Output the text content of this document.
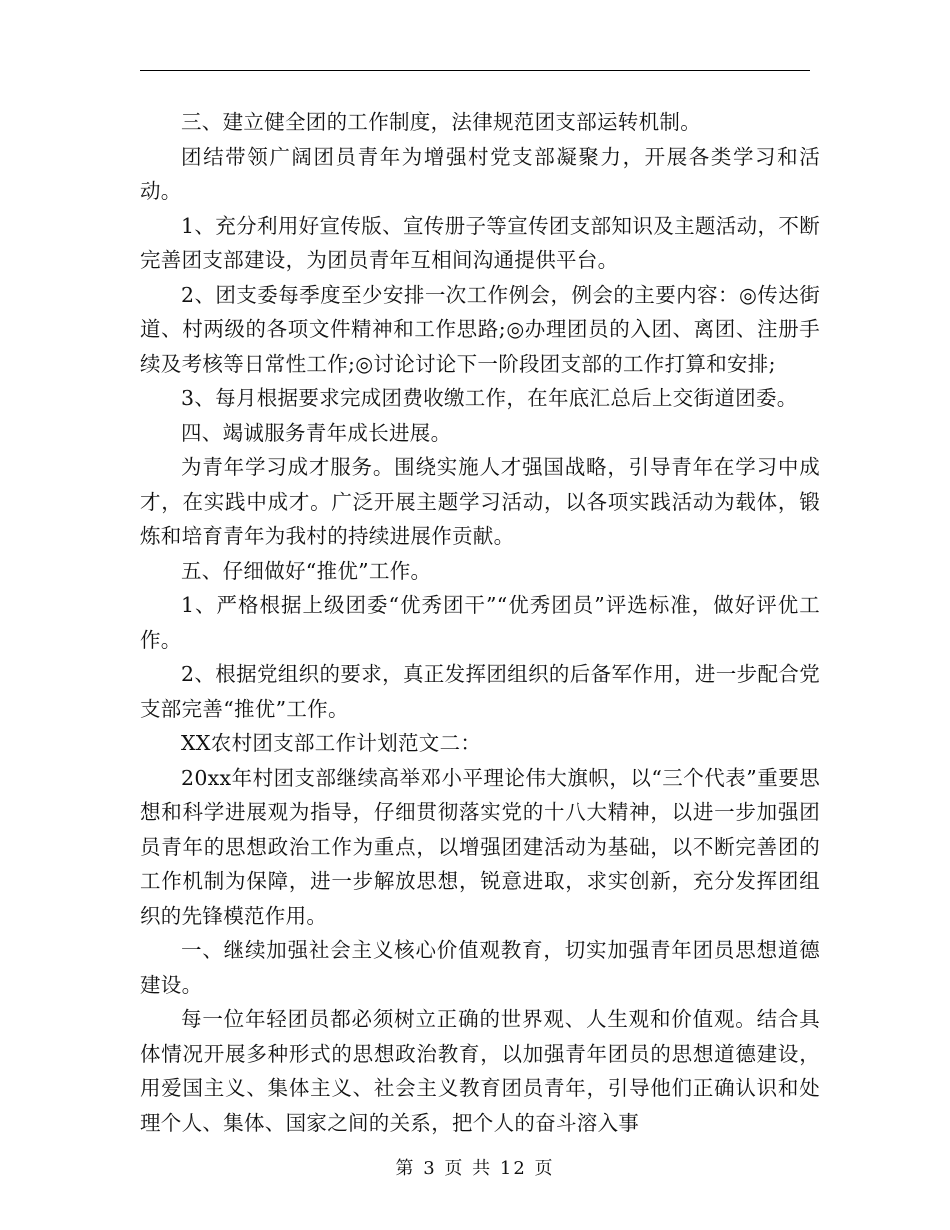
三、建立健全团的工作制度，法律规范团支部运转机制。

团结带领广阔团员青年为增强村党支部凝聚力，开展各类学习和活动。

1、充分利用好宣传版、宣传册子等宣传团支部知识及主题活动，不断完善团支部建设，为团员青年互相间沟通提供平台。

2、团支委每季度至少安排一次工作例会，例会的主要内容：◎传达街道、村两级的各项文件精神和工作思路;◎办理团员的入团、离团、注册手续及考核等日常性工作;◎讨论讨论下一阶段团支部的工作打算和安排;

3、每月根据要求完成团费收缴工作，在年底汇总后上交街道团委。

四、竭诚服务青年成长进展。

为青年学习成才服务。围绕实施人才强国战略，引导青年在学习中成才，在实践中成才。广泛开展主题学习活动，以各项实践活动为载体，锻炼和培育青年为我村的持续进展作贡献。

五、仔细做好“推优”工作。

1、严格根据上级团委“优秀团干”“优秀团员”评选标准，做好评优工作。

2、根据党组织的要求，真正发挥团组织的后备军作用，进一步配合党支部完善“推优”工作。

XX农村团支部工作计划范文二：

20xx年村团支部继续高举邓小平理论伟大旗帜，以“三个代表”重要思想和科学进展观为指导，仔细贯彻落实党的十八大精神，以进一步加强团员青年的思想政治工作为重点，以增强团建活动为基础，以不断完善团的工作机制为保障，进一步解放思想，锐意进取，求实创新，充分发挥团组织的先锋模范作用。

一、继续加强社会主义核心价值观教育，切实加强青年团员思想道德建设。

每一位年轻团员都必须树立正确的世界观、人生观和价值观。结合具体情况开展多种形式的思想政治教育，以加强青年团员的思想道德建设，用爱国主义、集体主义、社会主义教育团员青年，引导他们正确认识和处理个人、集体、国家之间的关系，把个人的奋斗溶入事

第 3 页 共 12 页
